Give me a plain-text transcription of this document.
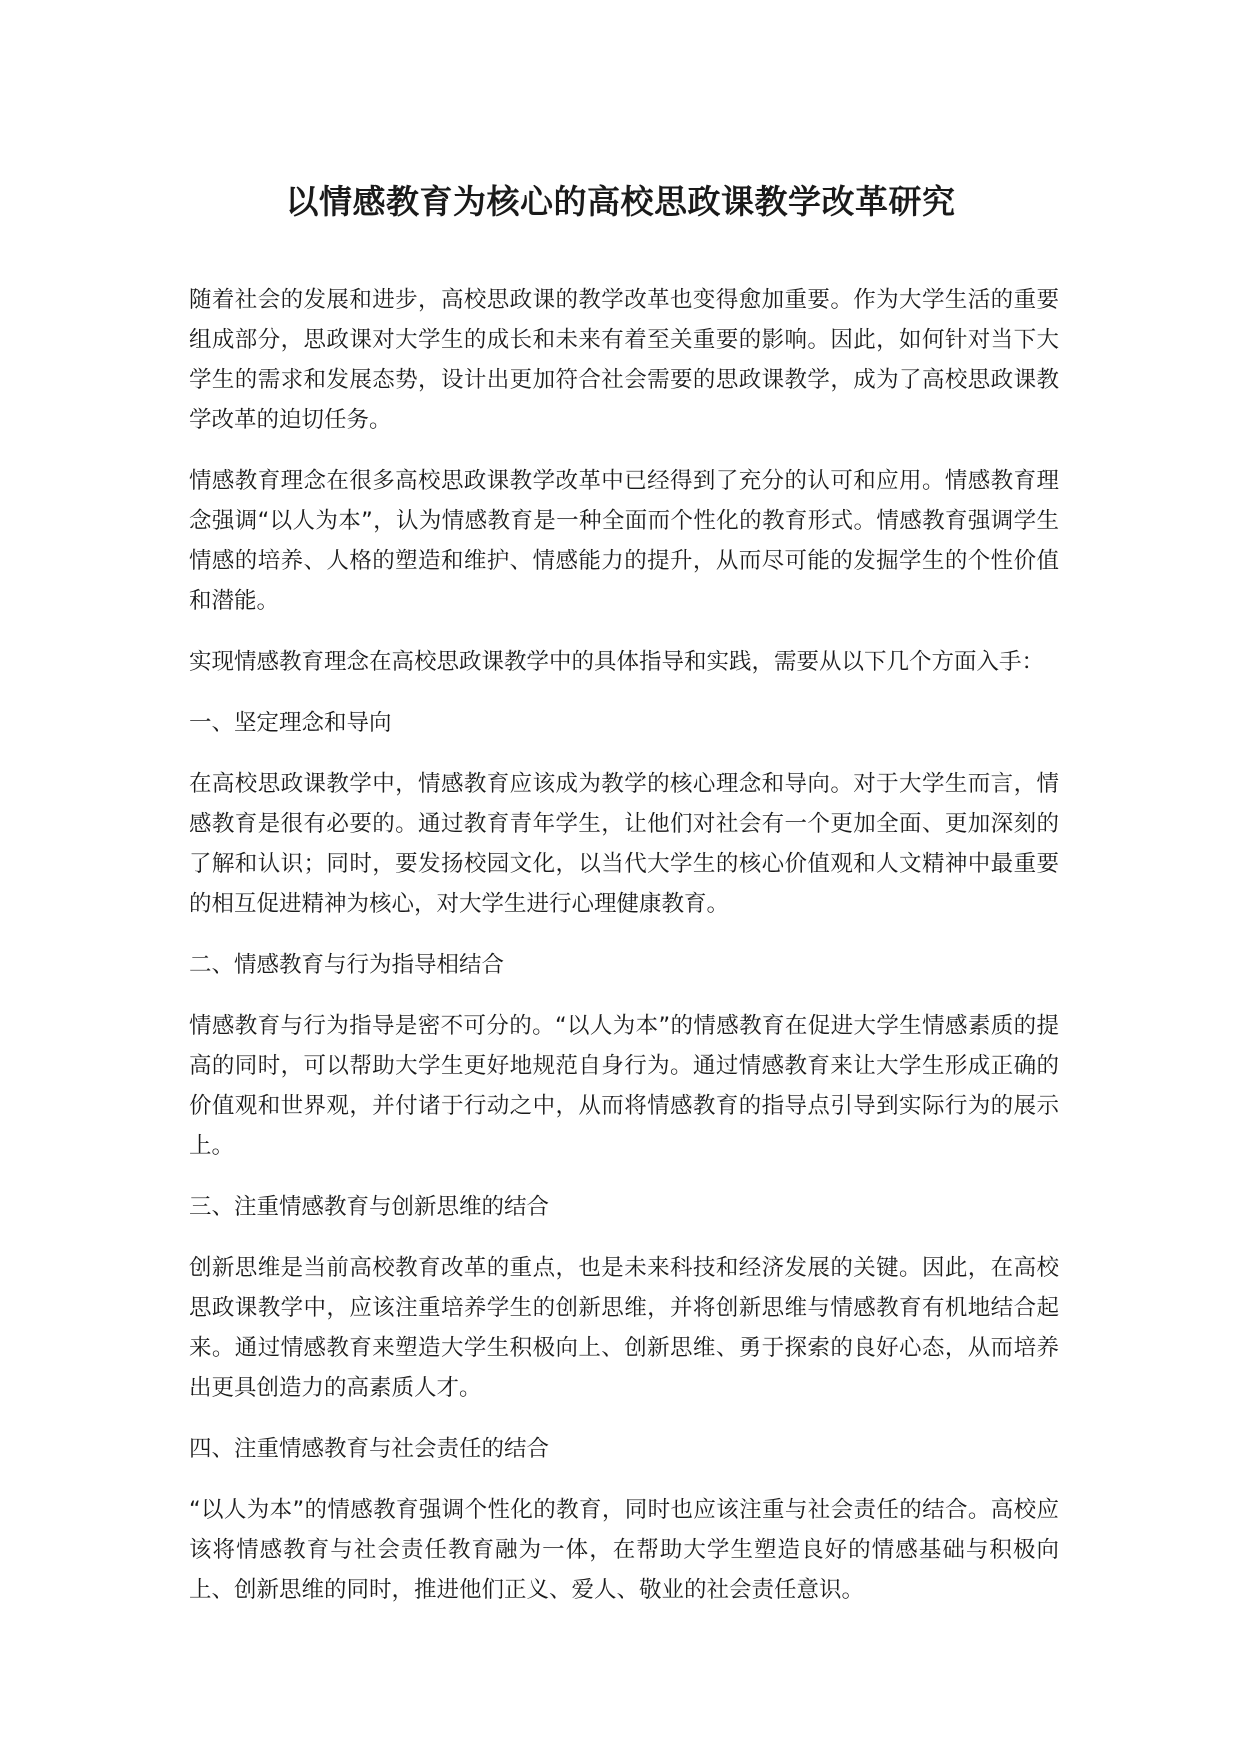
以情感教育为核心的高校思政课教学改革研究

随着社会的发展和进步，高校思政课的教学改革也变得愈加重要。作为大学生活的重要组成部分，思政课对大学生的成长和未来有着至关重要的影响。因此，如何针对当下大学生的需求和发展态势，设计出更加符合社会需要的思政课教学，成为了高校思政课教学改革的迫切任务。

情感教育理念在很多高校思政课教学改革中已经得到了充分的认可和应用。情感教育理念强调“以人为本”，认为情感教育是一种全面而个性化的教育形式。情感教育强调学生情感的培养、人格的塑造和维护、情感能力的提升，从而尽可能的发掘学生的个性价值和潜能。

实现情感教育理念在高校思政课教学中的具体指导和实践，需要从以下几个方面入手：

一、坚定理念和导向

在高校思政课教学中，情感教育应该成为教学的核心理念和导向。对于大学生而言，情感教育是很有必要的。通过教育青年学生，让他们对社会有一个更加全面、更加深刻的了解和认识；同时，要发扬校园文化，以当代大学生的核心价值观和人文精神中最重要的相互促进精神为核心，对大学生进行心理健康教育。

二、情感教育与行为指导相结合

情感教育与行为指导是密不可分的。“以人为本”的情感教育在促进大学生情感素质的提高的同时，可以帮助大学生更好地规范自身行为。通过情感教育来让大学生形成正确的价值观和世界观，并付诸于行动之中，从而将情感教育的指导点引导到实际行为的展示上。

三、注重情感教育与创新思维的结合

创新思维是当前高校教育改革的重点，也是未来科技和经济发展的关键。因此，在高校思政课教学中，应该注重培养学生的创新思维，并将创新思维与情感教育有机地结合起来。通过情感教育来塑造大学生积极向上、创新思维、勇于探索的良好心态，从而培养出更具创造力的高素质人才。

四、注重情感教育与社会责任的结合

“以人为本”的情感教育强调个性化的教育，同时也应该注重与社会责任的结合。高校应该将情感教育与社会责任教育融为一体，在帮助大学生塑造良好的情感基础与积极向上、创新思维的同时，推进他们正义、爱人、敬业的社会责任意识。
